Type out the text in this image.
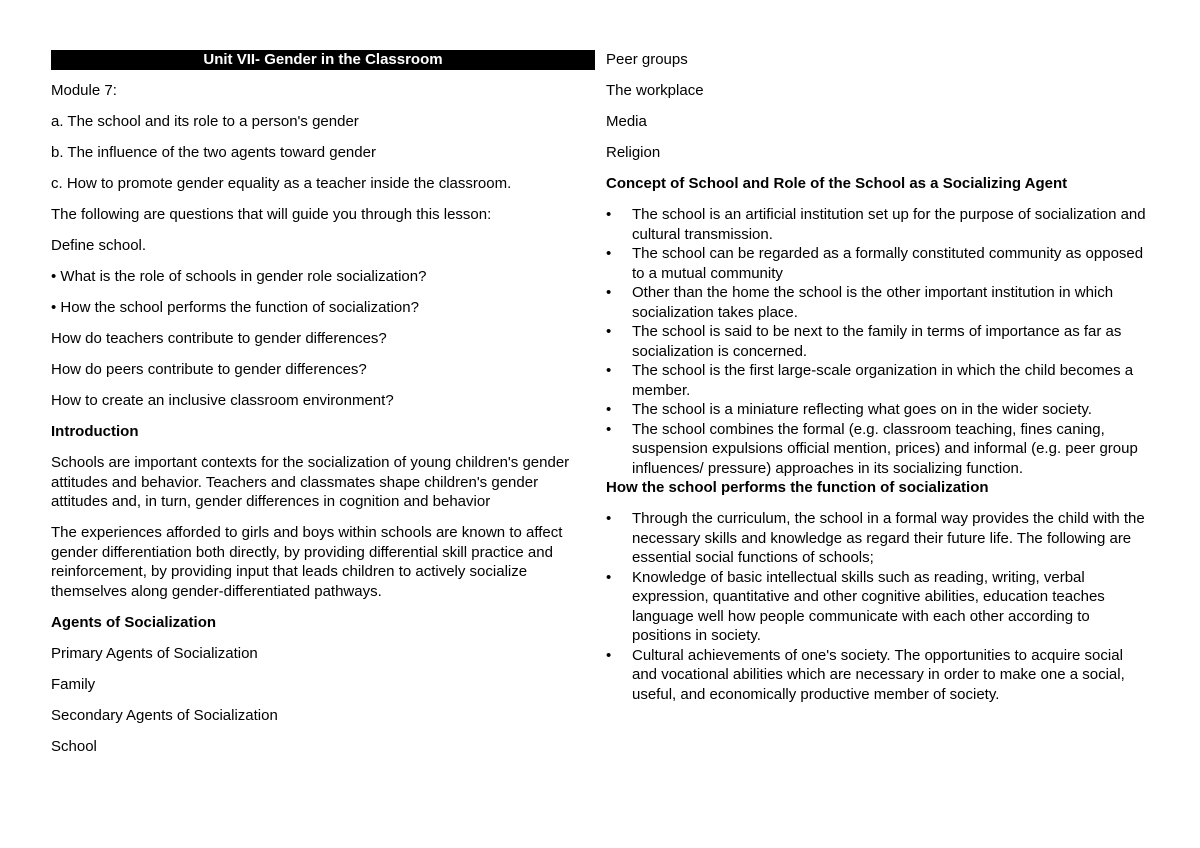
Unit VII- Gender in the Classroom

Module 7:

a. The school and its role to a person's gender

b. The influence of the two agents toward gender

c. How to promote gender equality as a teacher inside the classroom.

The following are questions that will guide you through this lesson:

Define school.

• What is the role of schools in gender role socialization?

• How the school performs the function of socialization?

How do teachers contribute to gender differences?

How do peers contribute to gender differences?

How to create an inclusive classroom environment?

Introduction

Schools are important contexts for the socialization of young children's gender attitudes and behavior. Teachers and classmates shape children's gender attitudes and, in turn, gender differences in cognition and behavior

The experiences afforded to girls and boys within schools are known to affect gender differentiation both directly, by providing differential skill practice and reinforcement, by providing input that leads children to actively socialize themselves along gender-differentiated pathways.

Agents of Socialization

Primary Agents of Socialization

Family

Secondary Agents of Socialization

School

Peer groups

The workplace

Media

Religion

Concept of School and Role of the School as a Socializing Agent

• The school is an artificial institution set up for the purpose of socialization and cultural transmission.
• The school can be regarded as a formally constituted community as opposed to a mutual community
• Other than the home the school is the other important institution in which socialization takes place.
• The school is said to be next to the family in terms of importance as far as socialization is concerned.
• The school is the first large-scale organization in which the child becomes a member.
• The school is a miniature reflecting what goes on in the wider society.
• The school combines the formal (e.g. classroom teaching, fines caning, suspension expulsions official mention, prices) and informal (e.g. peer group influences/ pressure) approaches in its socializing function.

How the school performs the function of socialization

• Through the curriculum, the school in a formal way provides the child with the necessary skills and knowledge as regard their future life. The following are essential social functions of schools;
• Knowledge of basic intellectual skills such as reading, writing, verbal expression, quantitative and other cognitive abilities, education teaches language well how people communicate with each other according to positions in society.
• Cultural achievements of one's society. The opportunities to acquire social and vocational abilities which are necessary in order to make one a social, useful, and economically productive member of society.
